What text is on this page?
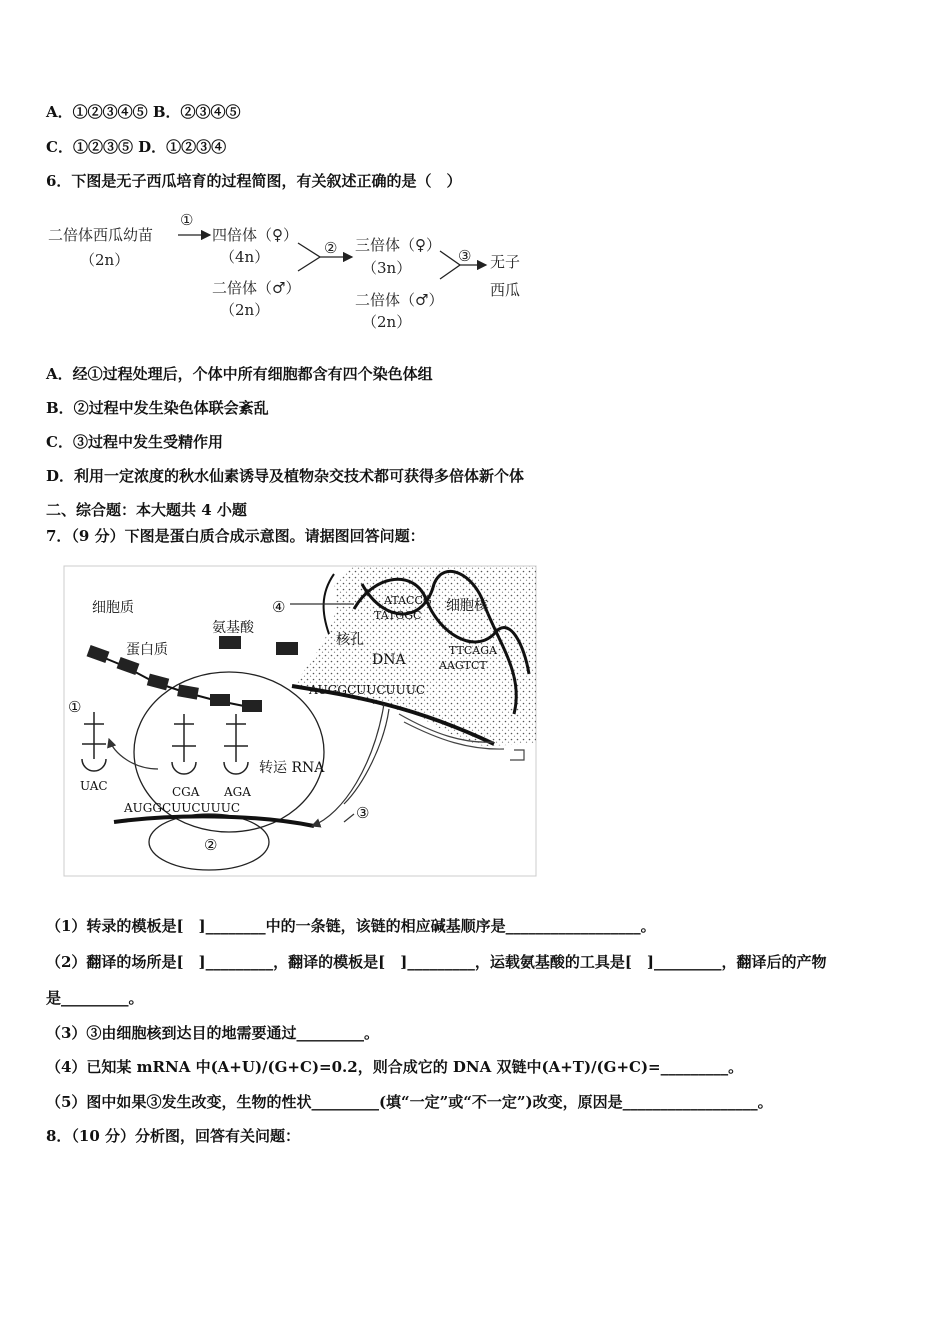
A．①②③④⑤ B．②③④⑤
C．①②③⑤ D．①②③④
6．下图是无子西瓜培育的过程简图，有关叙述正确的是（　）
二倍体西瓜幼苗
（2n）
①
四倍体（♀）
（4n）
二倍体（♂）
（2n）
② 三倍体（♀）
（3n）
二倍体（♂）
（2n）
③ 无子
西瓜
A．经①过程处理后，个体中所有细胞都含有四个染色体组
B．②过程中发生染色体联会紊乱
C．③过程中发生受精作用
D．利用一定浓度的秋水仙素诱导及植物杂交技术都可获得多倍体新个体
二、综合题：本大题共 4 小题
7．（9 分）下图是蛋白质合成示意图。请据图回答问题：
ATACCG
TATGGC
TTCAGA
AAGTCT
AUGGCUUCUUUC
AUGGCUUCUUUC
UAC	CGA AGA
细胞质	细胞核
蛋白质
氨基酸
核孔
DNA
转运 RNA
①
②
③
④
（1）转录的模板是[　]________中的一条链，该链的相应碱基顺序是__________________。
（2）翻译的场所是[　]_________，翻译的模板是[　]_________，运载氨基酸的工具是[　]_________，翻译后的产物
是_________。
（3）③由细胞核到达目的地需要通过_________。
（4）已知某 mRNA 中(A+U)/(G+C)=0.2，则合成它的 DNA 双链中(A+T)/(G+C)=_________。
（5）图中如果③发生改变，生物的性状_________(填“一定”或“不一定”)改变，原因是__________________。
8．（10 分）分析图，回答有关问题：
